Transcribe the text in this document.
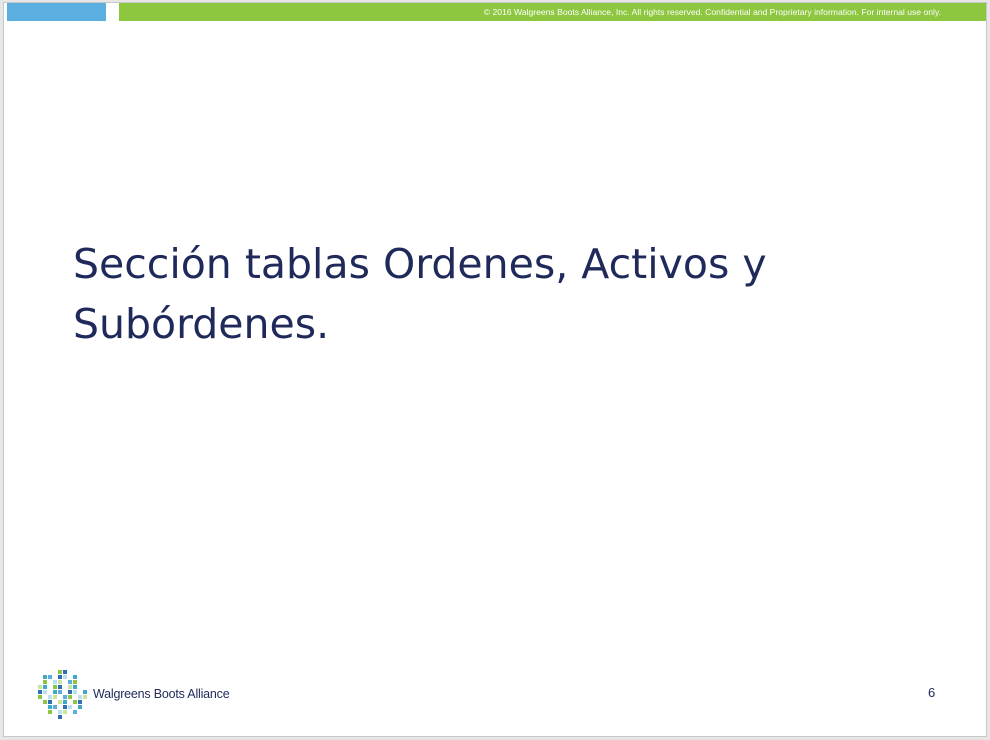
© 2016 Walgreens Boots Alliance, Inc. All rights reserved. Confidential and Proprietary information. For internal use only.
Sección tablas Ordenes, Activos y
Subórdenes.
Walgreens Boots Alliance	6
